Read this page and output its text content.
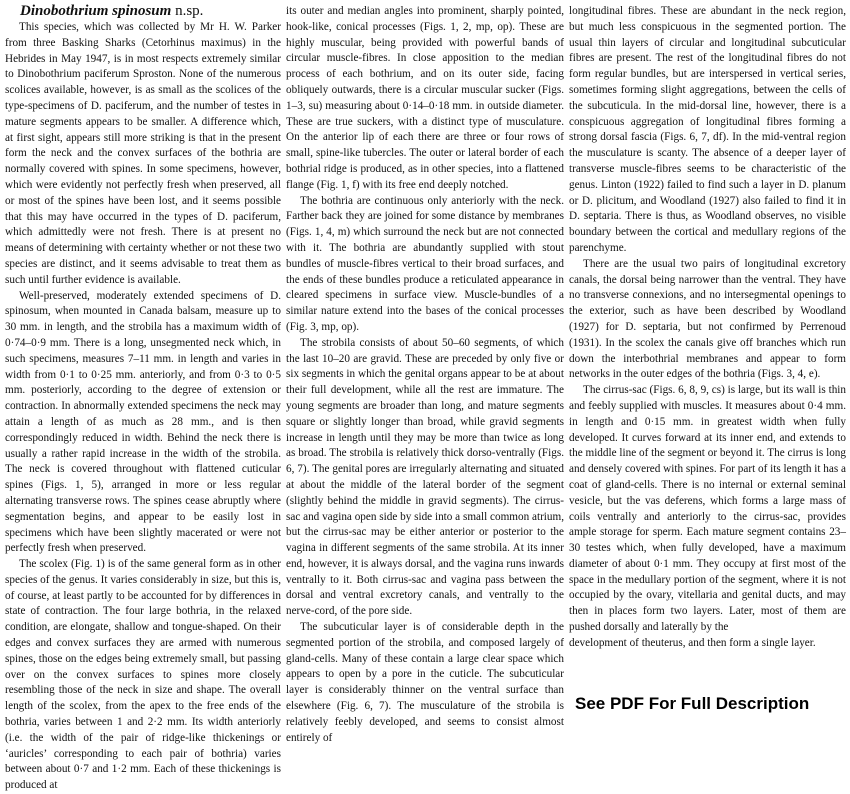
Dinobothrium spinosum n.sp.

This species, which was collected by Mr H. W. Parker from three Basking Sharks (Cetorhinus maximus) in the Hebrides in May 1947, is in most respects extremely similar to Dinobothrium paciferum Sproston. None of the numerous scolices available, however, is as small as the scolices of the type-specimens of D. paciferum, and the number of testes in mature segments appears to be smaller. A difference which, at first sight, appears still more striking is that in the present form the neck and the convex surfaces of the bothria are normally covered with spines. In some specimens, however, which were evidently not perfectly fresh when preserved, all or most of the spines have been lost, and it seems possible that this may have occurred in the types of D. paciferum, which admittedly were not fresh. There is at present no means of determining with certainty whether or not these two species are distinct, and it seems advisable to treat them as such until further evidence is available.

Well-preserved, moderately extended specimens of D. spinosum, when mounted in Canada balsam, measure up to 30 mm. in length, and the strobila has a maximum width of 0·74–0·9 mm. There is a long, unsegmented neck which, in such specimens, measures 7–11 mm. in length and varies in width from 0·1 to 0·25 mm. anteriorly, and from 0·3 to 0·5 mm. posteriorly, according to the degree of extension or contraction. In abnormally extended specimens the neck may attain a length of as much as 28 mm., and is then correspondingly reduced in width. Behind the neck there is usually a rather rapid increase in the width of the strobila. The neck is covered throughout with flattened cuticular spines (Figs. 1, 5), arranged in more or less regular alternating transverse rows. The spines cease abruptly where segmentation begins, and appear to be easily lost in specimens which have been slightly macerated or were not perfectly fresh when preserved.

The scolex (Fig. 1) is of the same general form as in other species of the genus. It varies considerably in size, but this is, of course, at least partly to be accounted for by differences in state of contraction. The four large bothria, in the relaxed condition, are elongate, shallow and tongue-shaped. On their edges and convex surfaces they are armed with numerous spines, those on the edges being extremely small, but passing over on the convex surfaces to spines more closely resembling those of the neck in size and shape. The overall length of the scolex, from the apex to the free ends of the bothria, varies between 1 and 2·2 mm. Its width anteriorly (i.e. the width of the pair of ridge-like thickenings or ‘auricles’ corresponding to each pair of bothria) varies between about 0·7 and 1·2 mm. Each of these thickenings is produced at

its outer and median angles into prominent, sharply pointed, hook-like, conical processes (Figs. 1, 2, mp, op). These are highly muscular, being provided with powerful bands of circular muscle-fibres. In close apposition to the median process of each bothrium, and on its outer side, facing obliquely outwards, there is a circular muscular sucker (Figs. 1–3, su) measuring about 0·14–0·18 mm. in outside diameter. These are true suckers, with a distinct type of musculature. On the anterior lip of each there are three or four rows of small, spine-like tubercles. The outer or lateral border of each bothrial ridge is produced, as in other species, into a flattened flange (Fig. 1, f) with its free end deeply notched.

The bothria are continuous only anteriorly with the neck. Farther back they are joined for some distance by membranes (Figs. 1, 4, m) which surround the neck but are not connected with it. The bothria are abundantly supplied with stout bundles of muscle-fibres vertical to their broad surfaces, and the ends of these bundles produce a reticulated appearance in cleared specimens in surface view. Muscle-bundles of a similar nature extend into the bases of the conical processes (Fig. 3, mp, op).

The strobila consists of about 50–60 segments, of which the last 10–20 are gravid. These are preceded by only five or six segments in which the genital organs appear to be at about their full development, while all the rest are immature. The young segments are broader than long, and mature segments square or slightly longer than broad, while gravid segments increase in length until they may be more than twice as long as broad. The strobila is relatively thick dorso-ventrally (Figs. 6, 7). The genital pores are irregularly alternating and situated at about the middle of the lateral border of the segment (slightly behind the middle in gravid segments). The cirrus-sac and vagina open side by side into a small common atrium, but the cirrus-sac may be either anterior or posterior to the vagina in different segments of the same strobila. At its inner end, however, it is always dorsal, and the vagina runs inwards ventrally to it. Both cirrus-sac and vagina pass between the dorsal and ventral excretory canals, and ventrally to the nerve-cord, of the pore side.

The subcuticular layer is of considerable depth in the segmented portion of the strobila, and composed largely of gland-cells. Many of these contain a large clear space which appears to open by a pore in the cuticle. The subcuticular layer is considerably thinner on the ventral surface than elsewhere (Fig. 6, 7). The musculature of the strobila is relatively feebly developed, and seems to consist almost entirely of

longitudinal fibres. These are abundant in the neck region, but much less conspicuous in the segmented portion. The usual thin layers of circular and longitudinal subcuticular fibres are present. The rest of the longitudinal fibres do not form regular bundles, but are interspersed in vertical series, sometimes forming slight aggregations, between the cells of the subcuticula. In the mid-dorsal line, however, there is a conspicuous aggregation of longitudinal fibres forming a strong dorsal fascia (Figs. 6, 7, df). In the mid-ventral region the musculature is scanty. The absence of a deeper layer of transverse muscle-fibres seems to be characteristic of the genus. Linton (1922) failed to find such a layer in D. planum or D. plicitum, and Woodland (1927) also failed to find it in D. septaria. There is thus, as Woodland observes, no visible boundary between the cortical and medullary regions of the parenchyme.

There are the usual two pairs of longitudinal excretory canals, the dorsal being narrower than the ventral. They have no transverse connexions, and no intersegmental openings to the exterior, such as have been described by Woodland (1927) for D. septaria, but not confirmed by Perrenoud (1931). In the scolex the canals give off branches which run down the interbothrial membranes and appear to form networks in the outer edges of the bothria (Figs. 3, 4, e).

The cirrus-sac (Figs. 6, 8, 9, cs) is large, but its wall is thin and feebly supplied with muscles. It measures about 0·4 mm. in length and 0·15 mm. in greatest width when fully developed. It curves forward at its inner end, and extends to the middle line of the segment or beyond it. The cirrus is long and densely covered with spines. For part of its length it has a coat of gland-cells. There is no internal or external seminal vesicle, but the vas deferens, which forms a large mass of coils ventrally and anteriorly to the cirrus-sac, provides ample storage for sperm. Each mature segment contains 23–30 testes which, when fully developed, have a maximum diameter of about 0·1 mm. They occupy at first most of the space in the medullary portion of the segment, where it is not occupied by the ovary, vitellaria and genital ducts, and may then in places form two layers. Later, most of them are pushed dorsally and laterally by the

development of theuterus, and then form a single layer.

See PDF For Full Description
